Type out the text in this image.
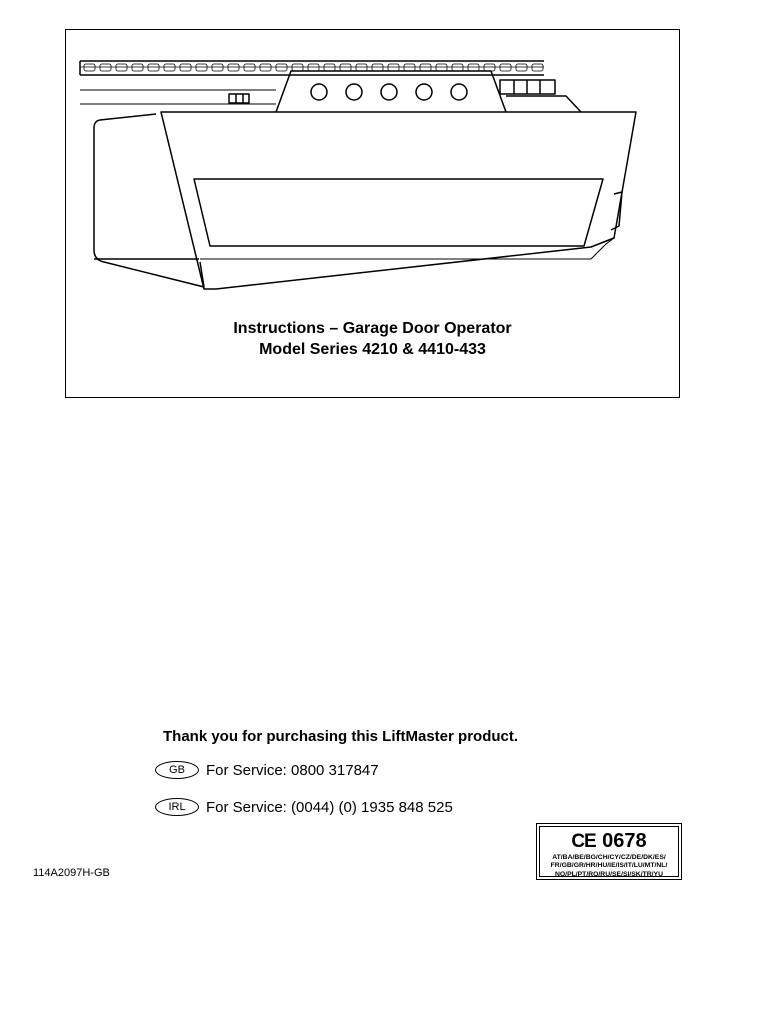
Instructions – Garage Door Operator
Model Series 4210 & 4410-433
Thank you for purchasing this LiftMaster product.
GB	For Service: 0800 317847
IRL	For Service: (0044) (0) 1935 848 525
114A2097H-GB
CE 0678
AT/BA/BE/BG/CH/CY/CZ/DE/DK/ES/
FR/GB/GR/HR/HU/IE/IS/IT/LU/MT/NL/
NO/PL/PT/RO/RU/SE/SI/SK/TR/YU
